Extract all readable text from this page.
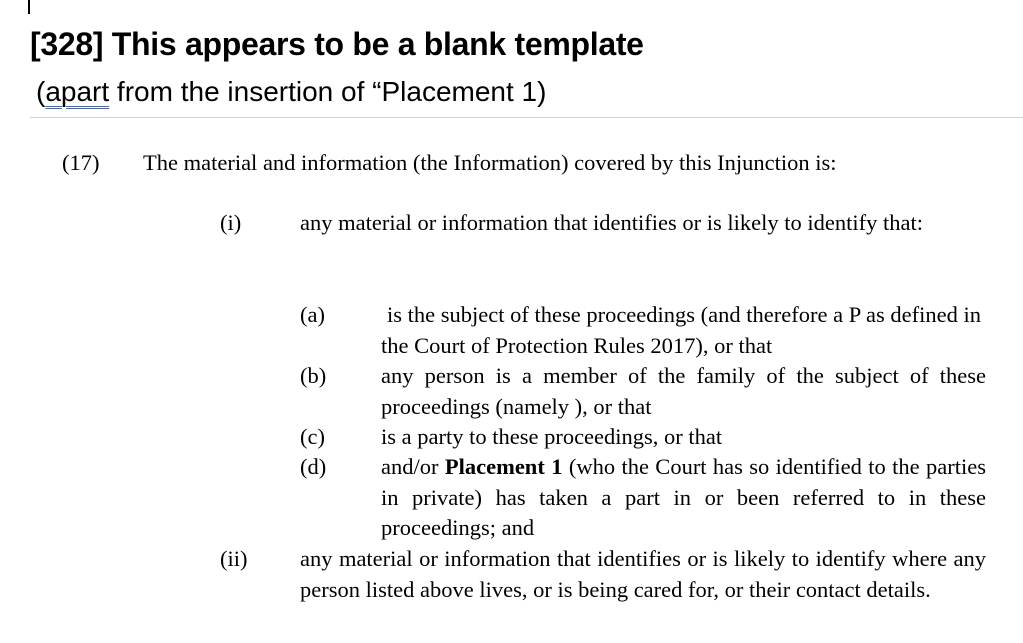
[328] This appears to be a blank template

(apart from the insertion of “Placement 1)

(17) The material and information (the Information) covered by this Injunction is:

(i)	any material or information that identifies or is likely to identify that:

(a)	is the subject of these proceedings (and therefore a P as defined in the Court of Protection Rules 2017), or that

(b) any person is a member of the family of the subject of these proceedings (namely ), or that

(c) is a party to these proceedings, or that

(d) and/or Placement 1 (who the Court has so identified to the parties in private) has taken a part in or been referred to in these proceedings; and

(ii) any material or information that identifies or is likely to identify where any person listed above lives, or is being cared for, or their contact details.
